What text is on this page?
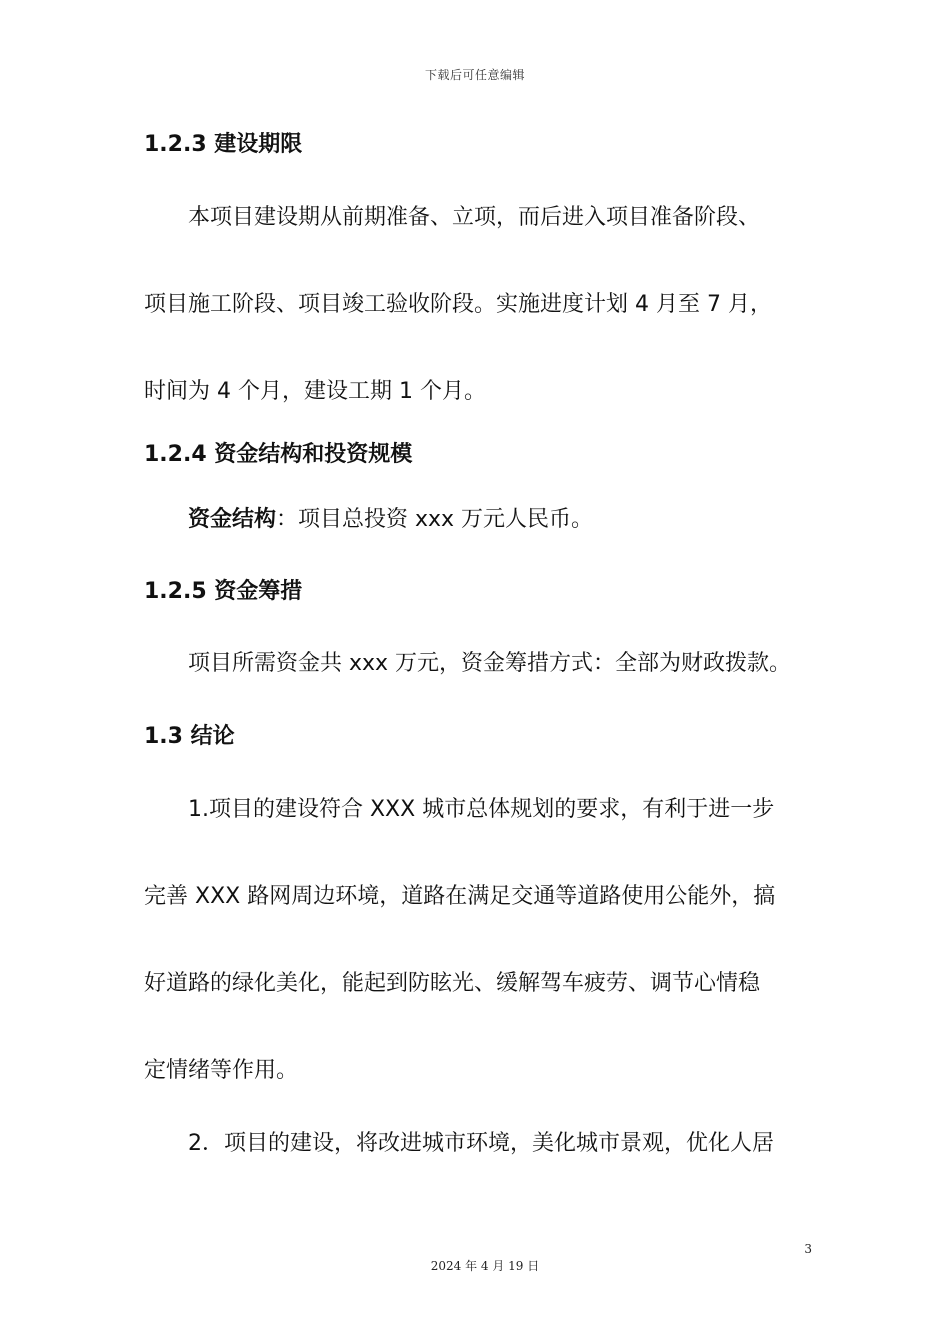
下载后可任意编辑
1.2.3 建设期限
本项目建设期从前期准备、立项，而后进入项目准备阶段、
项目施工阶段、项目竣工验收阶段。实施进度计划 4 月至 7 月，
时间为 4 个月，建设工期 1 个月。
1.2.4 资金结构和投资规模
资金结构：项目总投资 xxx 万元人民币。
1.2.5 资金筹措
项目所需资金共 xxx 万元，资金筹措方式：全部为财政拨款。
1.3 结论
1.项目的建设符合 XXX 城市总体规划的要求，有利于进一步
完善 XXX 路网周边环境，道路在满足交通等道路使用公能外，搞
好道路的绿化美化，能起到防眩光、缓解驾车疲劳、调节心情稳
定情绪等作用。
2．项目的建设，将改进城市环境，美化城市景观，优化人居
3
2024 年 4 月 19 日
